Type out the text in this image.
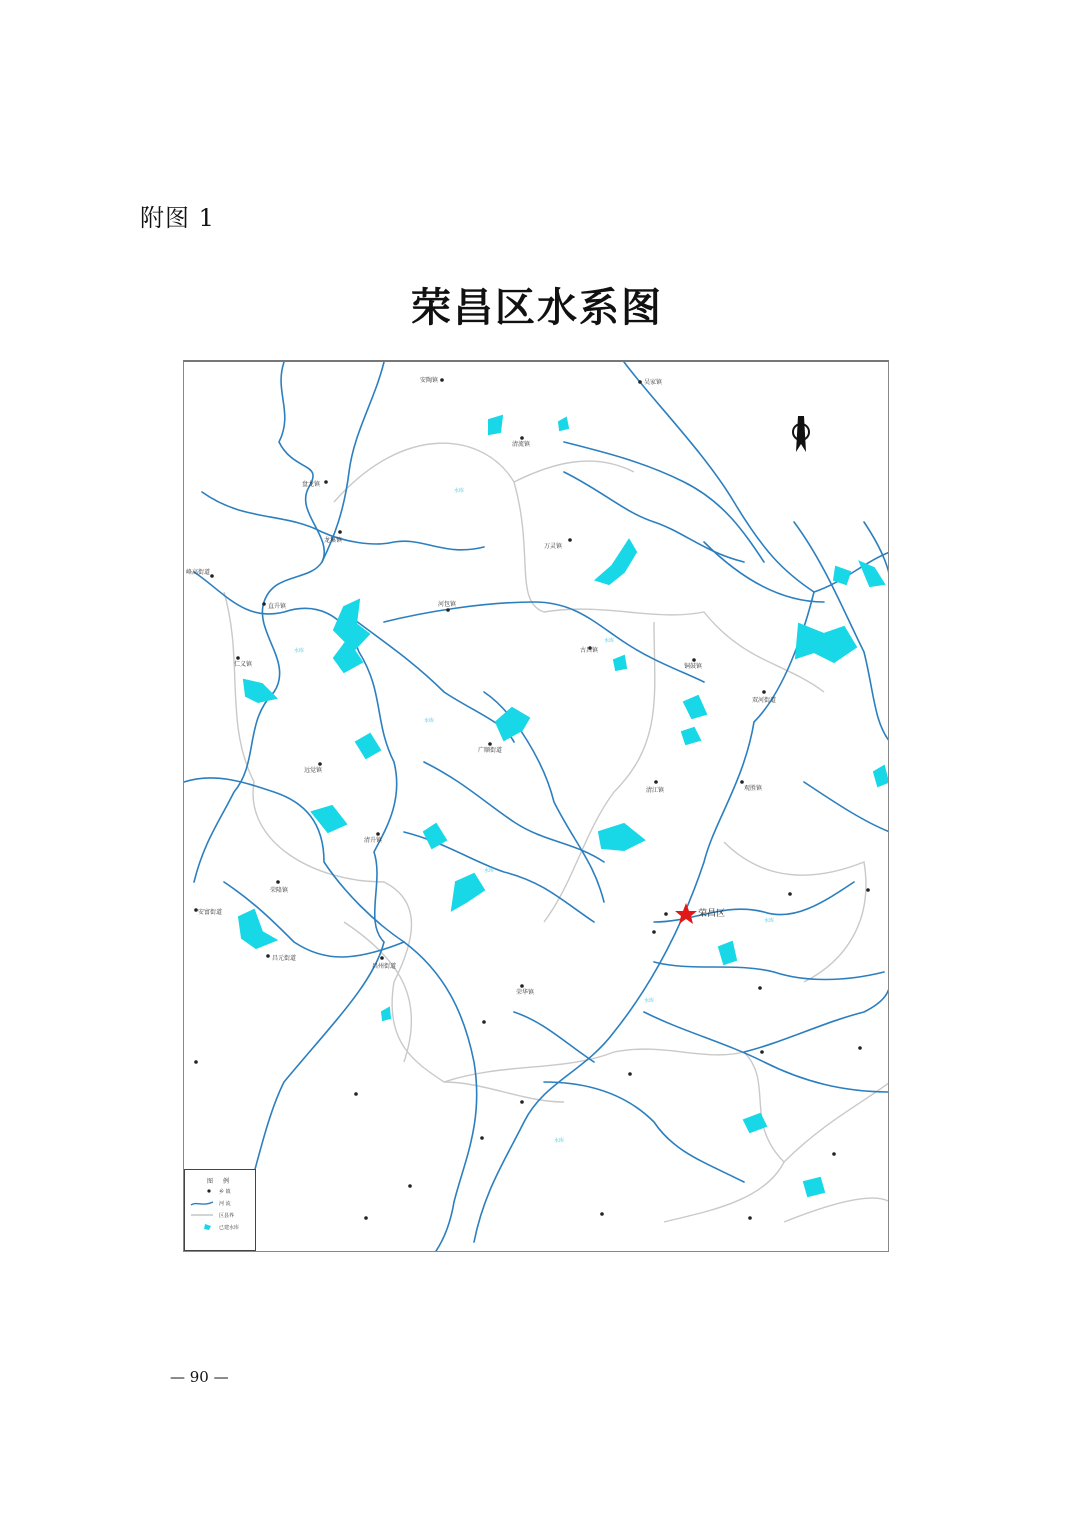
附图 1
荣昌区水系图
安陶镇	吴家镇
清流镇
盘龙镇
龙集镇
万灵镇
直升镇
峰高街道
仁义镇
河包镇
古昌镇
铜鼓镇
双河街道
广顺街道
远觉镇
清江镇	观胜镇
清升镇
荣隆镇
安富街道
昌元街道
昌州街道
荣华镇
水库
水库
水库
水库
水库
水库
水库
水库
荣昌区
图 例
乡 镇
河 流
区县界
已建水库
— 90 —
